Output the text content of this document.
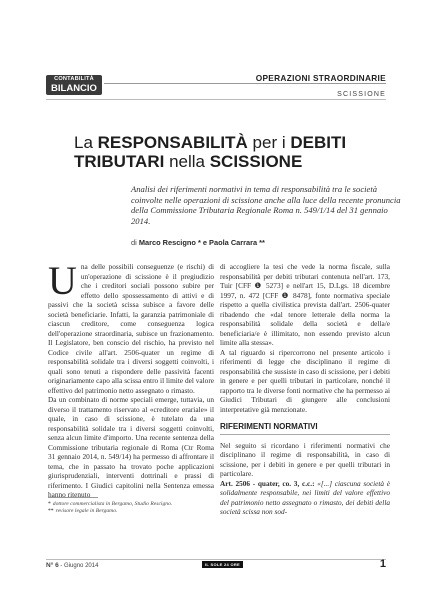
CONTABILITÀ
BILANCIO
OPERAZIONI STRAORDINARIE
SCISSIONE
La RESPONSABILITÀ per i DEBITI
TRIBUTARI nella SCISSIONE
Analisi dei riferimenti normativi in tema di responsabilità tra le società coinvolte nelle operazioni di scissione anche alla luce della recente pronuncia della Commissione Tributaria Regionale Roma n. 549/1/14 del 31 gennaio 2014.
di Marco Rescigno * e Paola Carrara **

Una delle possibili conseguenze (e rischi) di un'operazione di scissione è il pregiudizio che i creditori sociali possono subire per effetto dello spossessamento di attivi e di passivi che la società scissa subisce a favore delle società beneficiarie. Infatti, la garanzia patrimoniale di ciascun creditore, come conseguenza logica dell'operazione straordinaria, subisce un frazionamento. Il Legislatore, ben conscio del rischio, ha previsto nel Codice civile all'art. 2506-quater un regime di responsabilità solidale tra i diversi soggetti coinvolti, i quali sono tenuti a rispondere delle passività facenti originariamente capo alla scissa entro il limite del valore effettivo del patrimonio netto assegnato o rimasto.

Da un combinato di norme speciali emerge, tuttavia, un diverso il trattamento riservato al «creditore erariale» il quale, in caso di scissione, è tutelato da una responsabilità solidale tra i diversi soggetti coinvolti, senza alcun limite d'importo. Una recente sentenza della Commissione tributaria regionale di Roma (Ctr Roma 31 gennaio 2014, n. 549/14) ha permesso di affrontare il tema, che in passato ha trovato poche applicazioni giurisprudenziali, interventi dottrinali e prassi di riferimento. I Giudici capitolini nella Sentenza emessa hanno ritenuto

di accogliere la tesi che vede la norma fiscale, sulla responsabilità per debiti tributari contenuta nell'art. 173, Tuir [CFF ❶ 5273] e nell'art 15, D.Lgs. 18 dicembre 1997, n. 472 [CFF ❶ 8478], fonte normativa speciale rispetto a quella civilistica prevista dall'art. 2506-quater ribadendo che «dal tenore letterale della norma la responsabilità solidale della società e della/e beneficiaria/e è illimitato, non essendo previsto alcun limite alla stessa».

A tal riguardo si ripercorrono nel presente articolo i riferimenti di legge che disciplinano il regime di responsabilità che sussiste in caso di scissione, per i debiti in genere e per quelli tributari in particolare, nonché il rapporto tra le diverse fonti normative che ha permesso ai Giudici Tributari di giungere alle conclusioni interpretative già menzionate.

RIFERIMENTI NORMATIVI

Nel seguito si ricordano i riferimenti normativi che disciplinano il regime di responsabilità, in caso di scissione, per i debiti in genere e per quelli tributari in particolare.

Art. 2506 - quater, co. 3, c.c.: «[...] ciascuna società è solidalmente responsabile, nei limiti del valore effettivo del patrimonio netto assegnato o rimasto, dei debiti della società scissa non sod-

* dottore commercialista in Bergamo, Studio Rescigno.
** revisore legale in Bergamo.
N° 6 - Giugno 2014	IL SOLE 24 ORE	1
